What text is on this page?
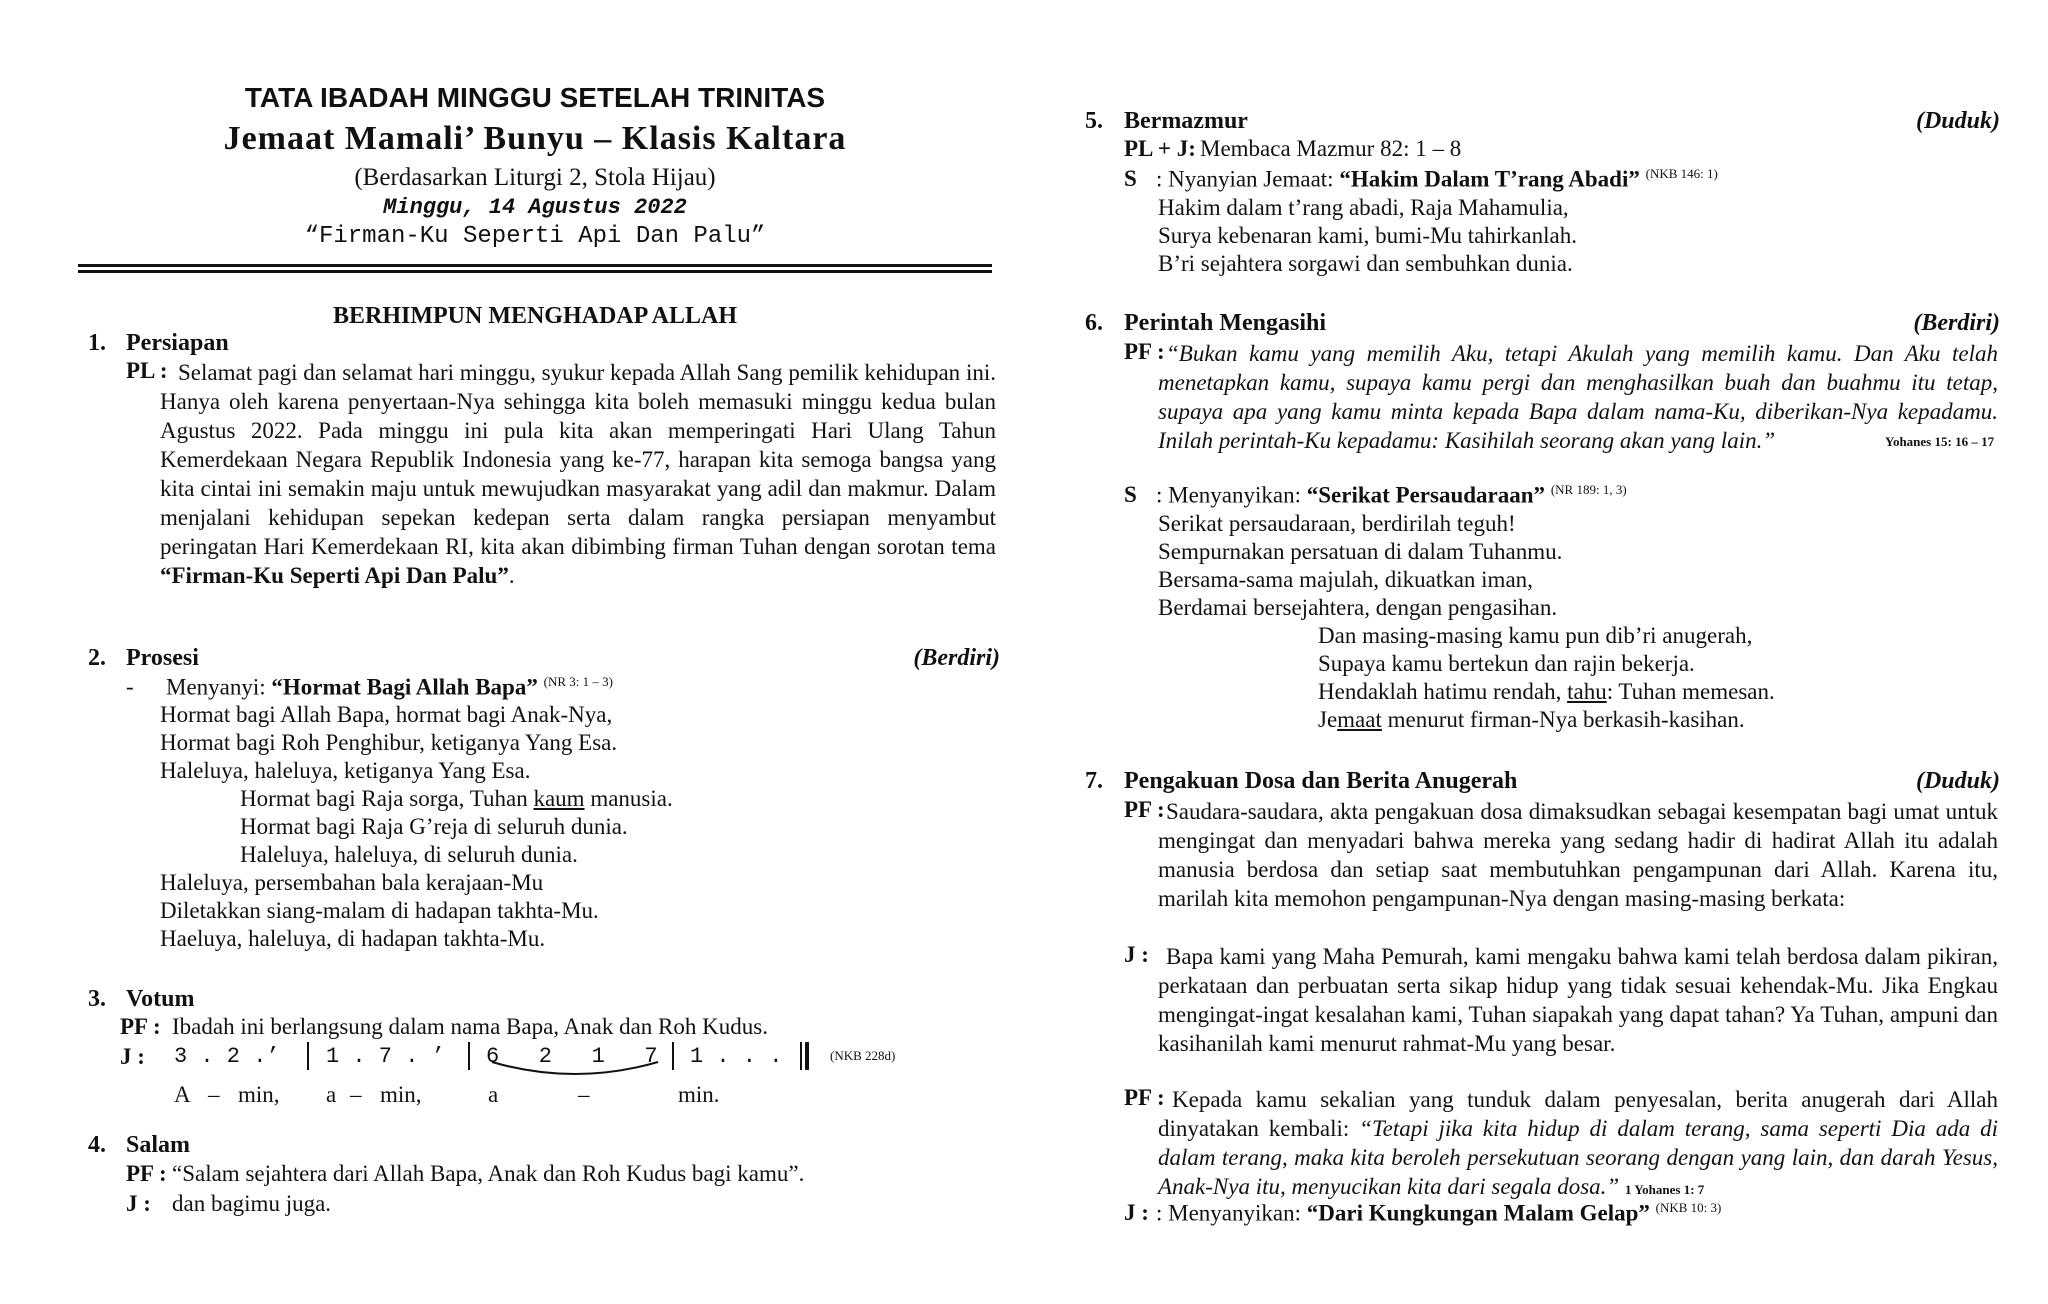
TATA IBADAH MINGGU SETELAH TRINITAS
Jemaat Mamali’ Bunyu – Klasis Kaltara
(Berdasarkan Liturgi 2, Stola Hijau)
Minggu, 14 Agustus 2022
“Firman-Ku Seperti Api Dan Palu”
BERHIMPUN MENGHADAP ALLAH
1. Persiapan
PL : Selamat pagi dan selamat hari minggu, syukur kepada Allah Sang pemilik kehidupan ini. Hanya oleh karena penyertaan-Nya sehingga kita boleh memasuki minggu kedua bulan Agustus 2022. Pada minggu ini pula kita akan memperingati Hari Ulang Tahun Kemerdekaan Negara Republik Indonesia yang ke-77, harapan kita semoga bangsa yang kita cintai ini semakin maju untuk mewujudkan masyarakat yang adil dan makmur. Dalam menjalani kehidupan sepekan kedepan serta dalam rangka persiapan menyambut peringatan Hari Kemerdekaan RI, kita akan dibimbing firman Tuhan dengan sorotan tema “Firman-Ku Seperti Api Dan Palu”.
2. Prosesi	(Berdiri)
- Menyanyi: “Hormat Bagi Allah Bapa” $^{(NR 3: 1 - 3)}$
Hormat bagi Allah Bapa, hormat bagi Anak-Nya,
Hormat bagi Roh Penghibur, ketiganya Yang Esa.
Haleluya, haleluya, ketiganya Yang Esa.
Hormat bagi Raja sorga, Tuhan kaum manusia.
Hormat bagi Raja G’reja di seluruh dunia.
Haleluya, haleluya, di seluruh dunia.
Haleluya, persembahan bala kerajaan-Mu
Diletakkan siang-malam di hadapan takhta-Mu.
Haeluya, haleluya, di hadapan takhta-Mu.
3. Votum
PF : Ibadah ini berlangsung dalam nama Bapa, Anak dan Roh Kudus.
J : 3 . 2 .’ 1 . 7 . ’ 6   2   1   7 1 . . .	(NKB 228d)
A – min, a – min,	a	–	min.
4. Salam
PF : “Salam sejahtera dari Allah Bapa, Anak dan Roh Kudus bagi kamu”.
J : dan bagimu juga.
5. Bermazmur	(Duduk)
PL + J: Membaca Mazmur 82: 1 – 8
S : Nyanyian Jemaat: “Hakim Dalam T’rang Abadi” $^{(NKB 146: 1)}$
Hakim dalam t’rang abadi, Raja Mahamulia,
Surya kebenaran kami, bumi-Mu tahirkanlah.
B’ri sejahtera sorgawi dan sembuhkan dunia.
6. Perintah Mengasihi	(Berdiri)
PF : “Bukan kamu yang memilih Aku, tetapi Akulah yang memilih kamu. Dan Aku telah menetapkan kamu, supaya kamu pergi dan menghasilkan buah dan buahmu itu tetap, supaya apa yang kamu minta kepada Bapa dalam nama-Ku, diberikan-Nya kepadamu. Inilah perintah-Ku kepadamu: Kasihilah seorang akan yang lain.”	Yohanes 15: 16 – 17
S : Menyanyikan: “Serikat Persaudaraan” $^{(NR 189: 1, 3)}$
Serikat persaudaraan, berdirilah teguh!
Sempurnakan persatuan di dalam Tuhanmu.
Bersama-sama majulah, dikuatkan iman,
Berdamai bersejahtera, dengan pengasihan.
Dan masing-masing kamu pun dib’ri anugerah,
Supaya kamu bertekun dan rajin bekerja.
Hendaklah hatimu rendah, tahu: Tuhan memesan.
Jemaat menurut firman-Nya berkasih-kasihan.
7. Pengakuan Dosa dan Berita Anugerah	(Duduk)
PF : Saudara-saudara, akta pengakuan dosa dimaksudkan sebagai kesempatan bagi umat untuk mengingat dan menyadari bahwa mereka yang sedang hadir di hadirat Allah itu adalah manusia berdosa dan setiap saat membutuhkan pengampunan dari Allah. Karena itu, marilah kita memohon pengampunan-Nya dengan masing-masing berkata:
J : Bapa kami yang Maha Pemurah, kami mengaku bahwa kami telah berdosa dalam pikiran, perkataan dan perbuatan serta sikap hidup yang tidak sesuai kehendak-Mu. Jika Engkau mengingat-ingat kesalahan kami, Tuhan siapakah yang dapat tahan? Ya Tuhan, ampuni dan kasihanilah kami menurut rahmat-Mu yang besar.
PF : Kepada kamu sekalian yang tunduk dalam penyesalan, berita anugerah dari Allah dinyatakan kembali: “Tetapi jika kita hidup di dalam terang, sama seperti Dia ada di dalam terang, maka kita beroleh persekutuan seorang dengan yang lain, dan darah Yesus, Anak-Nya itu, menyucikan kita dari segala dosa.” 1 Yohanes 1: 7
J : : Menyanyikan: “Dari Kungkungan Malam Gelap” $^{(NKB 10: 3)}$
